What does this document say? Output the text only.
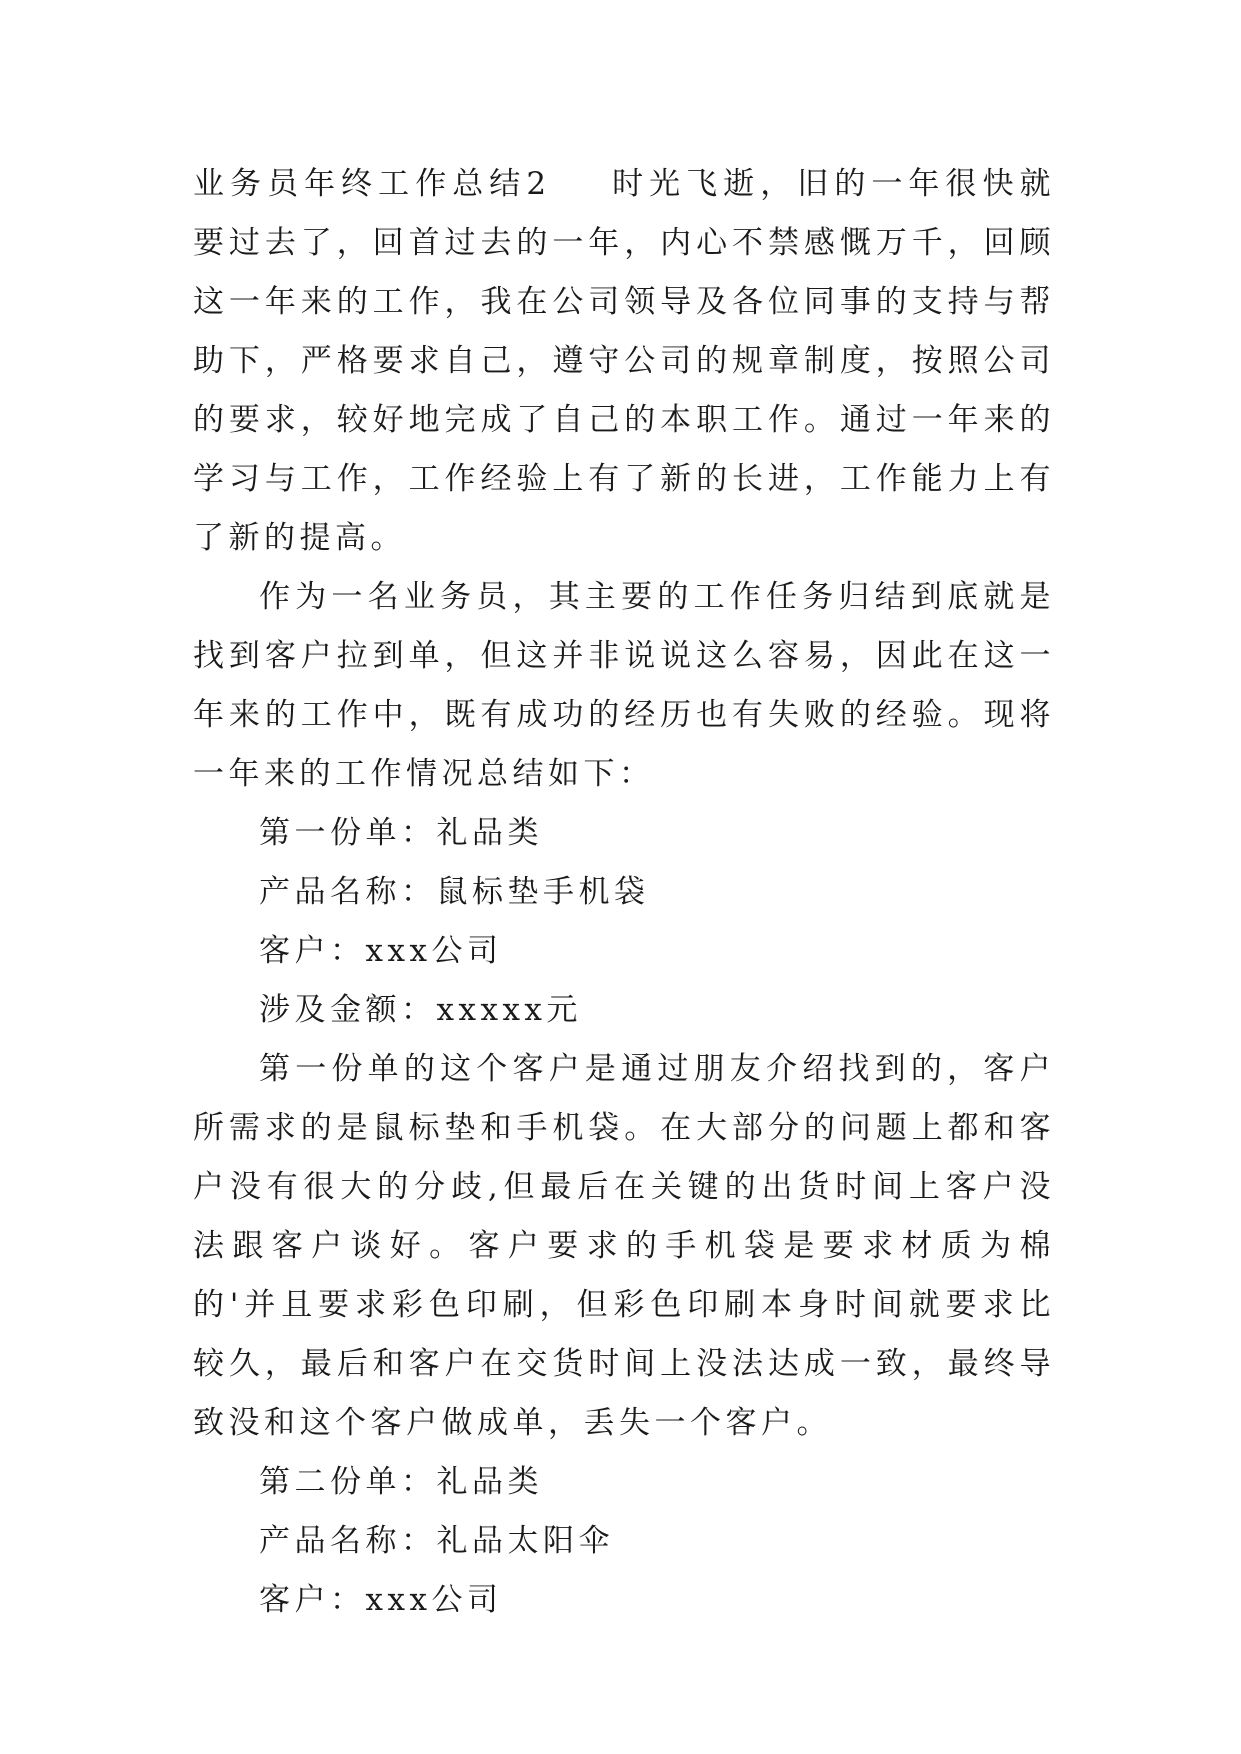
业务员年终工作总结2 时光飞逝，旧的一年很快就要过去了，回首过去的一年，内心不禁感慨万千，回顾这一年来的工作，我在公司领导及各位同事的支持与帮助下，严格要求自己，遵守公司的规章制度，按照公司的要求，较好地完成了自己的本职工作。通过一年来的学习与工作，工作经验上有了新的长进，工作能力上有了新的提高。

作为一名业务员，其主要的工作任务归结到底就是找到客户拉到单，但这并非说说这么容易，因此在这一年来的工作中，既有成功的经历也有失败的经验。现将一年来的工作情况总结如下：

第一份单：礼品类

产品名称：鼠标垫手机袋

客户：xxx公司

涉及金额：xxxxx元

第一份单的这个客户是通过朋友介绍找到的，客户所需求的是鼠标垫和手机袋。在大部分的问题上都和客户没有很大的分歧,但最后在关键的出货时间上客户没法跟客户谈好。客户要求的手机袋是要求材质为棉的'并且要求彩色印刷，但彩色印刷本身时间就要求比较久，最后和客户在交货时间上没法达成一致，最终导致没和这个客户做成单，丢失一个客户。

第二份单：礼品类

产品名称：礼品太阳伞

客户：xxx公司
